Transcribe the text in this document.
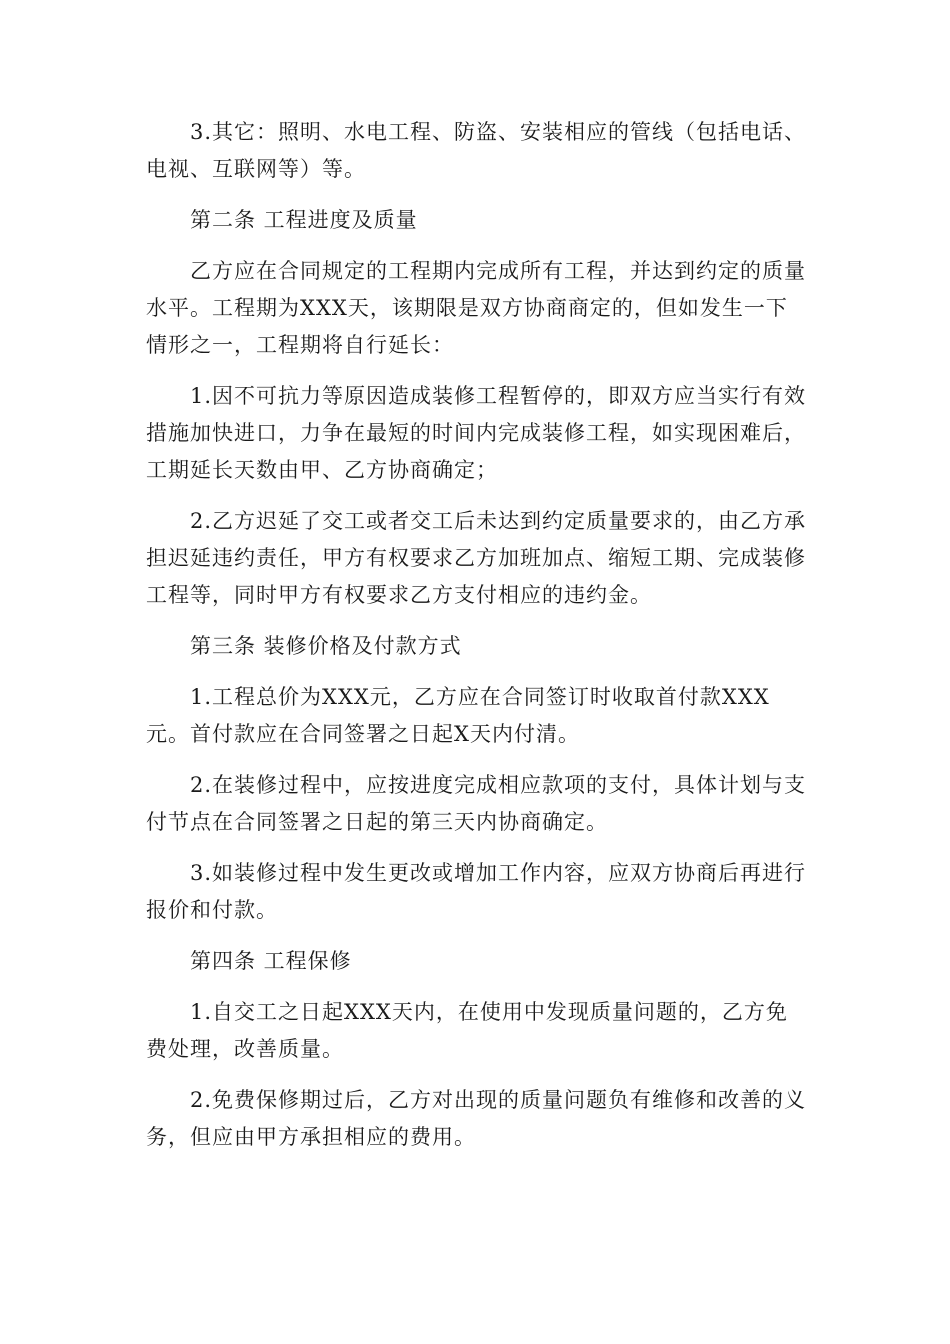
3.其它：照明、水电工程、防盗、安装相应的管线（包括电话、电视、互联网等）等。

第二条 工程进度及质量

乙方应在合同规定的工程期内完成所有工程，并达到约定的质量水平。工程期为XXX天，该期限是双方协商商定的，但如发生一下情形之一，工程期将自行延长：

1.因不可抗力等原因造成装修工程暂停的，即双方应当实行有效措施加快进口，力争在最短的时间内完成装修工程，如实现困难后，工期延长天数由甲、乙方协商确定；

2.乙方迟延了交工或者交工后未达到约定质量要求的，由乙方承担迟延违约责任，甲方有权要求乙方加班加点、缩短工期、完成装修工程等，同时甲方有权要求乙方支付相应的违约金。

第三条 装修价格及付款方式

1.工程总价为XXX元，乙方应在合同签订时收取首付款XXX 元。首付款应在合同签署之日起X天内付清。

2.在装修过程中，应按进度完成相应款项的支付，具体计划与支付节点在合同签署之日起的第三天内协商确定。

3.如装修过程中发生更改或增加工作内容，应双方协商后再进行报价和付款。

第四条 工程保修

1.自交工之日起XXX天内，在使用中发现质量问题的，乙方免费处理，改善质量。

2.免费保修期过后，乙方对出现的质量问题负有维修和改善的义务，但应由甲方承担相应的费用。
